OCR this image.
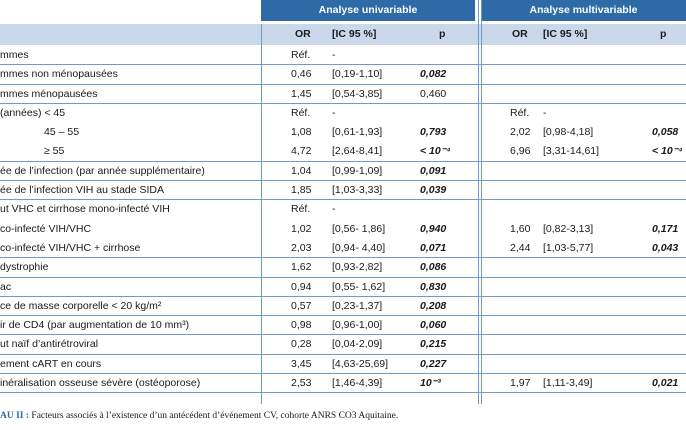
Analyse univariable	Analyse multivariable
OR [IC 95 %]	p	OR [IC 95 %]	p
mmes	Réf. -
mmes non ménopausées	0,46 [0,19-1,10]	0,082
mmes ménopausées	1,45 [0,54-3,85]	0,460
(années) < 45	Réf. -	Réf. -
45 – 55	1,08 [0,61-1,93]	0,793	2,02 [0,98-4,18]	0,058
≥ 55	4,72 [2,64-8,41]	< 10⁻⁴	6,96 [3,31-14,61]	< 10⁻⁴
ée de l’infection (par année supplémentaire)	1,04 [0,99-1,09]	0,091
ée de l’infection VIH au stade SIDA	1,85 [1,03-3,33]	0,039
ut VHC et cirrhose mono-infecté VIH	Réf. -
co-infecté VIH/VHC	1,02 [0,56- 1,86]	0,940	1,60 [0,82-3,13]	0,171
co-infecté VIH/VHC + cirrhose	2,03 [0,94- 4,40]	0,071	2,44 [1,03-5,77]	0,043
dystrophie	1,62 [0,93-2,82]	0,086
ac	0,94 [0,55- 1,62]	0,830
ce de masse corporelle < 20 kg/m²	0,57 [0,23-1,37]	0,208
ir de CD4 (par augmentation de 10 mm³)	0,98 [0,96-1,00]	0,060
ut naïf d’antirétroviral	0,28 [0,04-2,09]	0,215
ement cART en cours	3,45 [4,63-25,69]	0,227
inéralisation osseuse sévère (ostéoporose)	2,53 [1,46-4,39]	10⁻³	1,97 [1,11-3,49]	0,021
AU II : Facteurs associés à l’existence d’un antécédent d’événement CV, cohorte ANRS CO3 Aquitaine.
